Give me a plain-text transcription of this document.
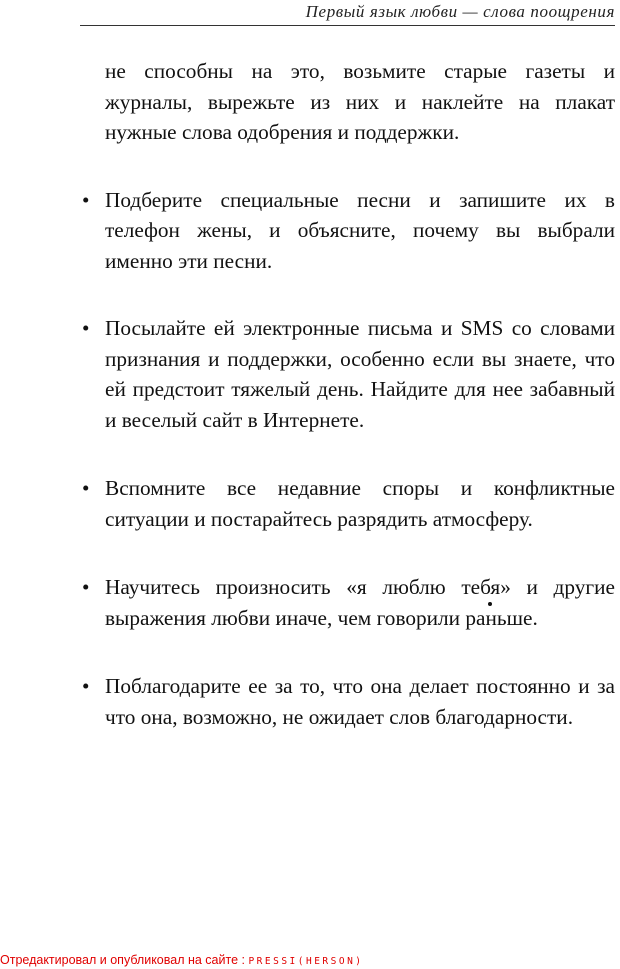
Первый язык любви — слова поощрения

не способны на это, возьмите старые газеты и журналы, вырежьте из них и наклейте на плакат нужные слова одобрения и поддержки.

• Подберите специальные песни и запишите их в телефон жены, и объясните, почему вы выбрали именно эти песни.
• Посылайте ей электронные письма и SMS со словами признания и поддержки, особенно если вы знаете, что ей предстоит тяжелый день. Найдите для нее забавный и веселый сайт в Интернете.
• Вспомните все недавние споры и конфликтные ситуации и постарайтесь разрядить атмосферу.
• Научитесь произносить «я люблю тебя» и другие выражения любви иначе, чем говорили раньше.
• Поблагодарите ее за то, что она делает постоянно и за что она, возможно, не ожидает слов благодарности.
Отредактировал и опубликовал на сайте : PRESSI(HERSON)
